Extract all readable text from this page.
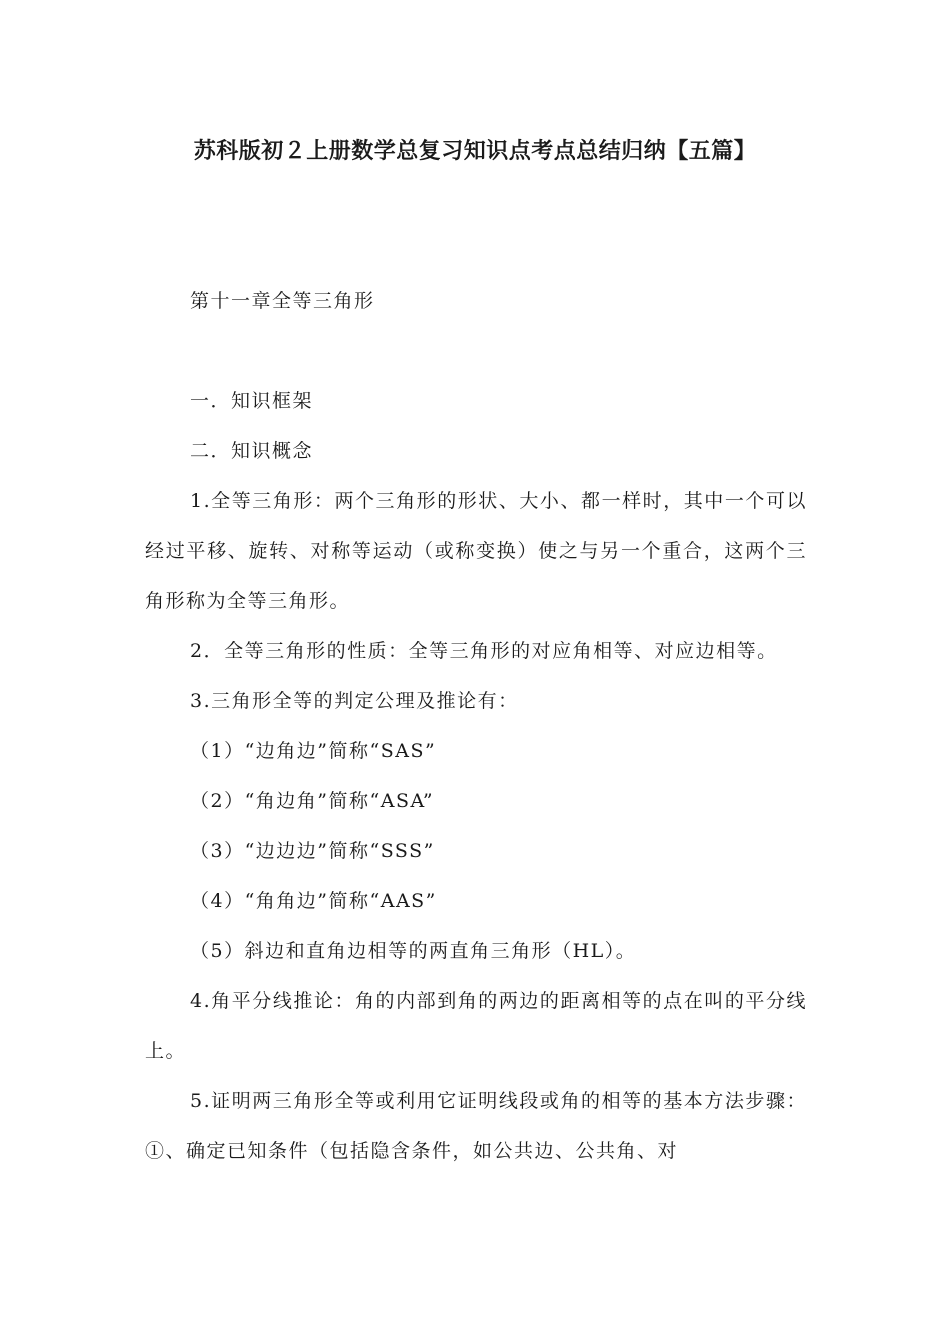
苏科版初２上册数学总复习知识点考点总结归纳【五篇】
第十一章全等三角形

一．知识框架

二．知识概念

1.全等三角形：两个三角形的形状、大小、都一样时，其中一个可以经过平移、旋转、对称等运动（或称变换）使之与另一个重合，这两个三角形称为全等三角形。

2．全等三角形的性质：全等三角形的对应角相等、对应边相等。

3.三角形全等的判定公理及推论有：

（1）“边角边”简称“SAS”

（2）“角边角”简称“ASA”

（3）“边边边”简称“SSS”

（4）“角角边”简称“AAS”

（5）斜边和直角边相等的两直角三角形（HL）。

4.角平分线推论：角的内部到角的两边的距离相等的点在叫的平分线上。

5.证明两三角形全等或利用它证明线段或角的相等的基本方法步骤：①、确定已知条件（包括隐含条件，如公共边、公共角、对
